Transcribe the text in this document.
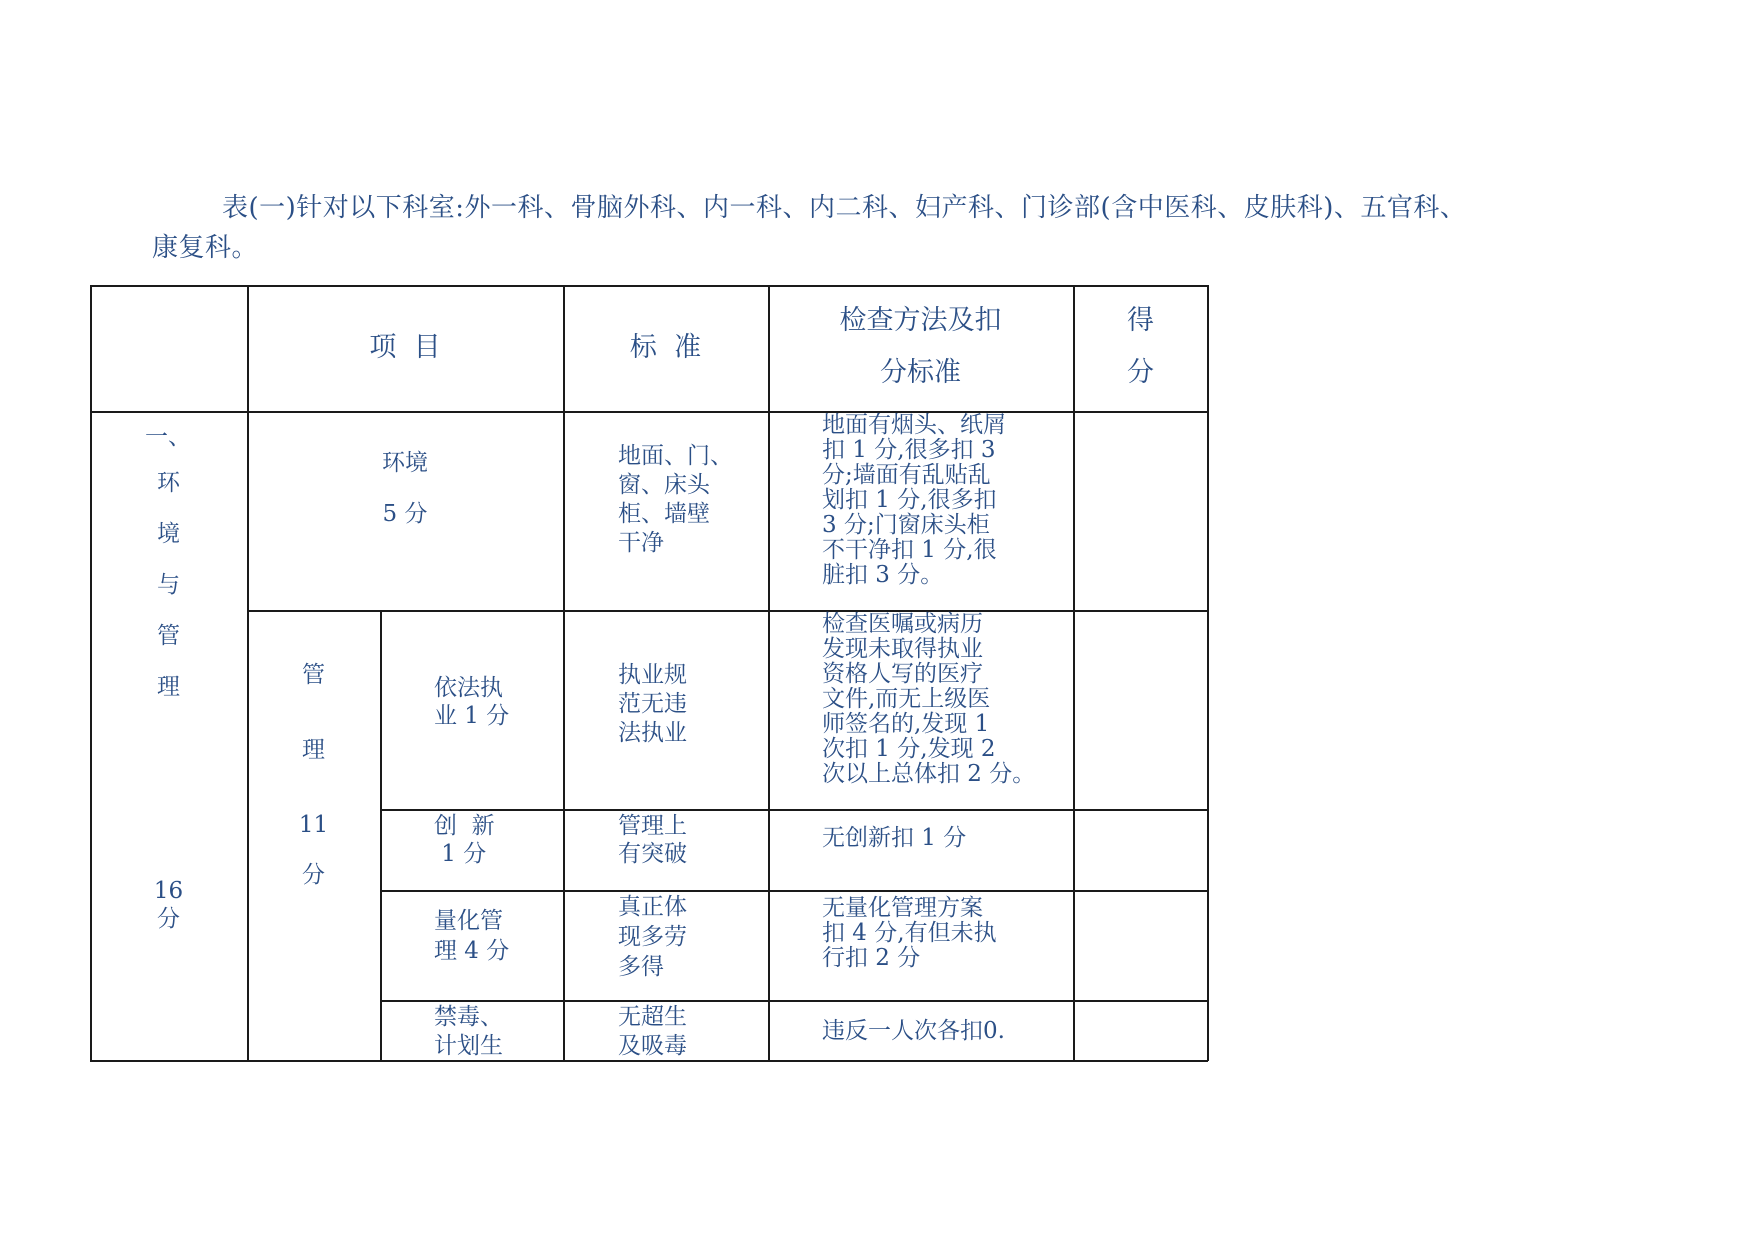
表(一)针对以下科室:外一科、骨脑外科、内一科、内二科、妇产科、门诊部(含中医科、皮肤科)、五官科、
康复科。
项  目	标  准
检查方法及扣
分标准
得
分
一、
环

境

与

管

理
16
分
环境
5 分
地面、门、
窗、床头
柜、墙壁
干净
地面有烟头、纸屑
扣 1 分,很多扣 3
分;墙面有乱贴乱
划扣 1 分,很多扣
3 分;门窗床头柜
不干净扣 1 分,很
脏扣 3 分。
管

理

11

分
依法执
业 1 分
执业规
范无违
法执业
检查医嘱或病历
发现未取得执业
资格人写的医疗
文件,而无上级医
师签名的,发现 1
次扣 1 分,发现 2
次以上总体扣 2 分。
创  新
1 分
管理上
有突破
无创新扣 1 分
量化管
理 4 分
真正体
现多劳
多得
无量化管理方案
扣 4 分,有但未执
行扣 2 分
禁毒、
计划生
无超生
及吸毒
违反一人次各扣0.
